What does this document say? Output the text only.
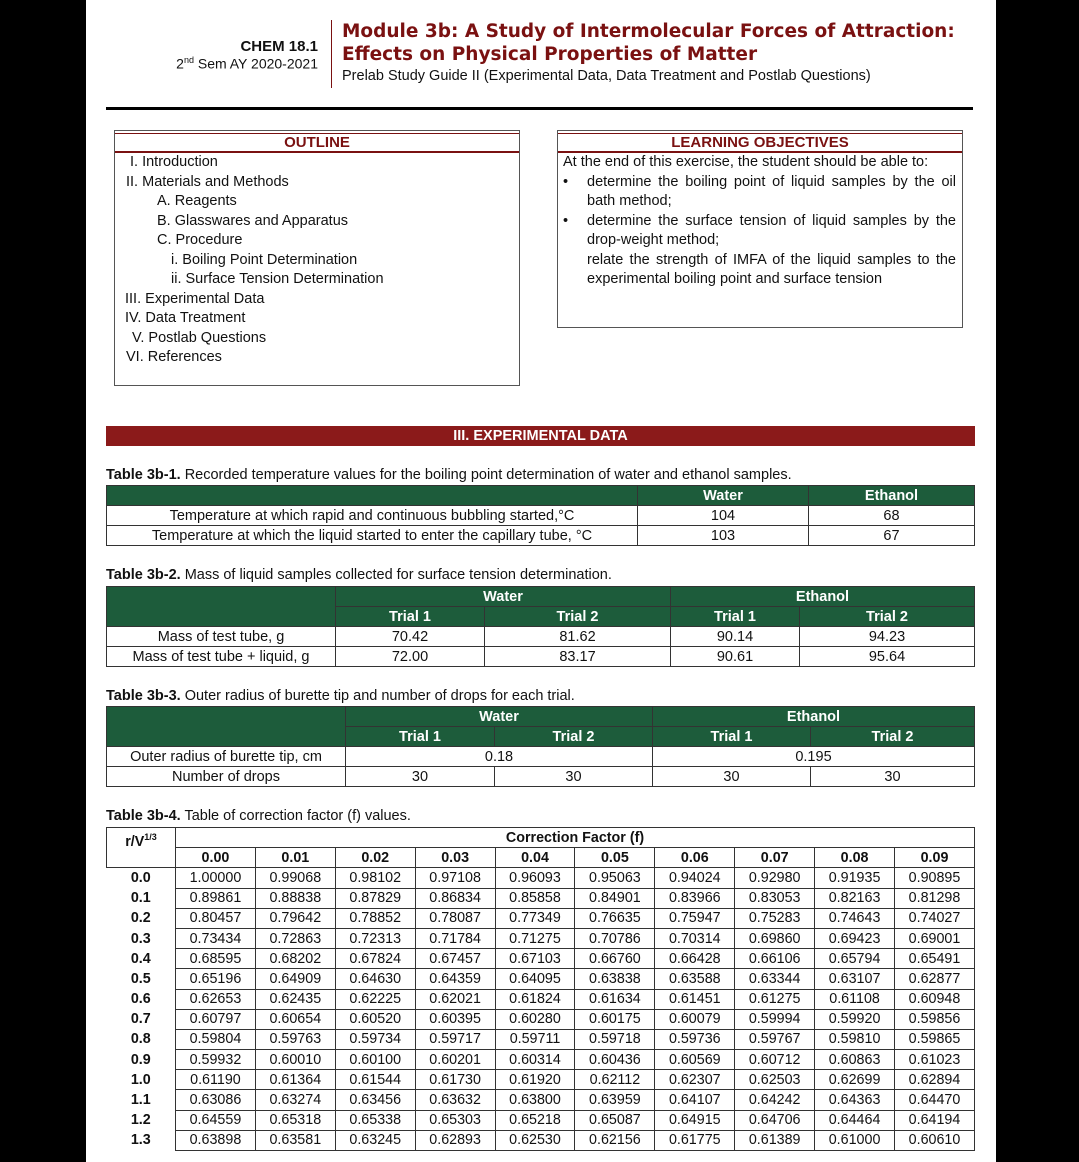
CHEM 18.1
2nd Sem AY 2020-2021
Module 3b: A Study of Intermolecular Forces of Attraction:
Effects on Physical Properties of Matter
Prelab Study Guide II (Experimental Data, Data Treatment and Postlab Questions)
OUTLINE
I. Introduction
II. Materials and Methods
A. Reagents
B. Glasswares and Apparatus
C. Procedure
i. Boiling Point Determination
ii. Surface Tension Determination
III. Experimental Data
IV. Data Treatment
V. Postlab Questions
VI. References
LEARNING OBJECTIVES
At the end of this exercise, the student should be able to:
•	determine the boiling point of liquid samples by the oil bath method;
•	determine the surface tension of liquid samples by the drop-weight method;
relate the strength of IMFA of the liquid samples to the experimental boiling point and surface tension
III. EXPERIMENTAL DATA
Table 3b-1. Recorded temperature values for the boiling point determination of water and ethanol samples.
	Water	Ethanol
Temperature at which rapid and continuous bubbling started,°C	104	68
Temperature at which the liquid started to enter the capillary tube, °C	103	67
Table 3b-2. Mass of liquid samples collected for surface tension determination.
	Water		Ethanol	
	Trial 1	Trial 2	Trial 1	Trial 2
Mass of test tube, g	70.42	81.62	90.14	94.23
Mass of test tube + liquid, g	72.00	83.17	90.61	95.64
Table 3b-3. Outer radius of burette tip and number of drops for each trial.
	Water		Ethanol	
	Trial 1	Trial 2	Trial 1	Trial 2
Outer radius of burette tip, cm	0.18		0.195	
Number of drops	30	30	30	30
Table 3b-4. Table of correction factor (f) values.
$r/V^{1/3}$	Correction Factor (f)									
	0.00	0.01	0.02	0.03	0.04	0.05	0.06	0.07	0.08	0.09
0.0	1.00000	0.99068	0.98102	0.97108	0.96093	0.95063	0.94024	0.92980	0.91935	0.90895
0.1	0.89861	0.88838	0.87829	0.86834	0.85858	0.84901	0.83966	0.83053	0.82163	0.81298
0.2	0.80457	0.79642	0.78852	0.78087	0.77349	0.76635	0.75947	0.75283	0.74643	0.74027
0.3	0.73434	0.72863	0.72313	0.71784	0.71275	0.70786	0.70314	0.69860	0.69423	0.69001
0.4	0.68595	0.68202	0.67824	0.67457	0.67103	0.66760	0.66428	0.66106	0.65794	0.65491
0.5	0.65196	0.64909	0.64630	0.64359	0.64095	0.63838	0.63588	0.63344	0.63107	0.62877
0.6	0.62653	0.62435	0.62225	0.62021	0.61824	0.61634	0.61451	0.61275	0.61108	0.60948
0.7	0.60797	0.60654	0.60520	0.60395	0.60280	0.60175	0.60079	0.59994	0.59920	0.59856
0.8	0.59804	0.59763	0.59734	0.59717	0.59711	0.59718	0.59736	0.59767	0.59810	0.59865
0.9	0.59932	0.60010	0.60100	0.60201	0.60314	0.60436	0.60569	0.60712	0.60863	0.61023
1.0	0.61190	0.61364	0.61544	0.61730	0.61920	0.62112	0.62307	0.62503	0.62699	0.62894
1.1	0.63086	0.63274	0.63456	0.63632	0.63800	0.63959	0.64107	0.64242	0.64363	0.64470
1.2	0.64559	0.65318	0.65338	0.65303	0.65218	0.65087	0.64915	0.64706	0.64464	0.64194
1.3	0.63898	0.63581	0.63245	0.62893	0.62530	0.62156	0.61775	0.61389	0.61000	0.60610
